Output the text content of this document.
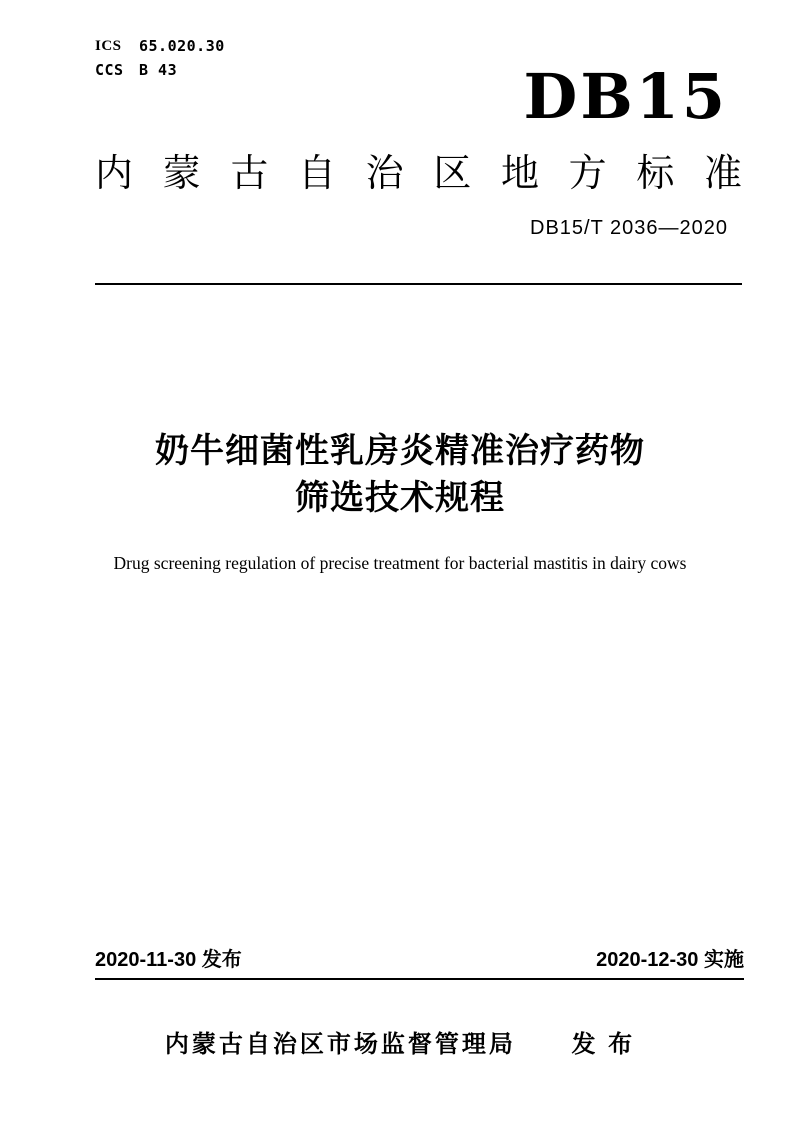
ICS	65.020.30
CCS	B 43	DB15
内蒙古自治区地方标准
DB15/T 2036—2020
奶牛细菌性乳房炎精准治疗药物
筛选技术规程
Drug screening regulation of precise treatment for bacterial mastitis in dairy cows
2020-11-30 发布	2020-12-30 实施
内蒙古自治区市场监督管理局 发 布
